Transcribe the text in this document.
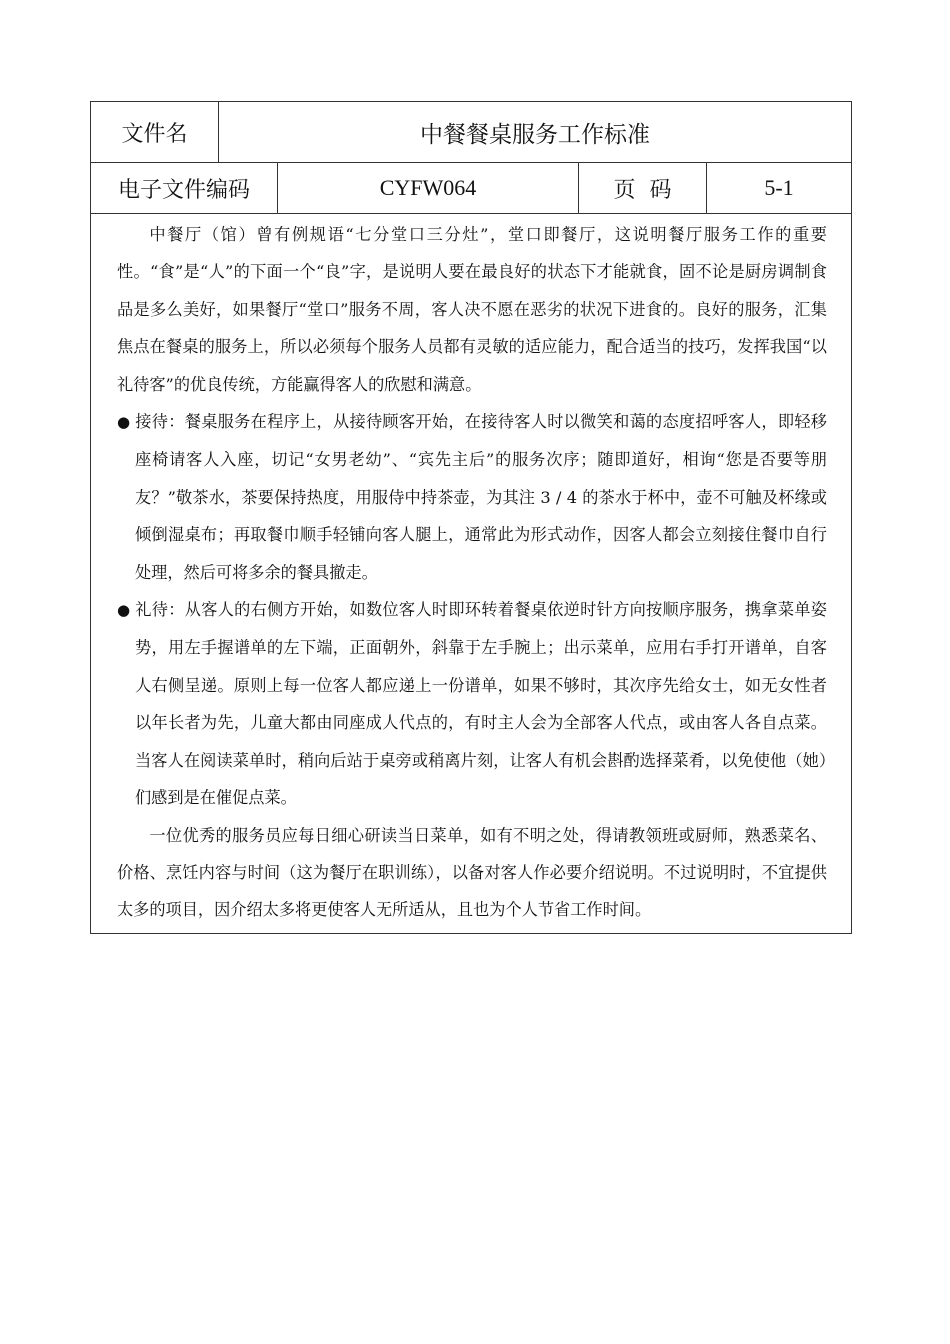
文件名	中餐餐桌服务工作标准
电子文件编码	CYFW064	页码	5-1

中餐厅（馆）曾有例规语“七分堂口三分灶”，堂口即餐厅，这说明餐厅服务工作的重要性。“食”是“人”的下面一个“良”字，是说明人要在最良好的状态下才能就食，固不论是厨房调制食品是多么美好，如果餐厅“堂口”服务不周，客人决不愿在恶劣的状况下进食的。良好的服务，汇集焦点在餐桌的服务上，所以必须每个服务人员都有灵敏的适应能力，配合适当的技巧，发挥我国“以礼待客”的优良传统，方能赢得客人的欣慰和满意。

● 接待：餐桌服务在程序上，从接待顾客开始，在接待客人时以微笑和蔼的态度招呼客人，即轻移座椅请客人入座，切记“女男老幼”、“宾先主后”的服务次序；随即道好，相询“您是否要等朋友？”敬茶水，茶要保持热度，用服侍中持茶壶，为其注 3 / 4 的茶水于杯中，壶不可触及杯缘或倾倒湿桌布；再取餐巾顺手轻铺向客人腿上，通常此为形式动作，因客人都会立刻接住餐巾自行处理，然后可将多余的餐具撤走。

● 礼待：从客人的右侧方开始，如数位客人时即环转着餐桌依逆时针方向按顺序服务，携拿菜单姿势，用左手握谱单的左下端，正面朝外，斜靠于左手腕上；出示菜单，应用右手打开谱单，自客人右侧呈递。原则上每一位客人都应递上一份谱单，如果不够时，其次序先给女士，如无女性者以年长者为先，儿童大都由同座成人代点的，有时主人会为全部客人代点，或由客人各自点菜。当客人在阅读菜单时，稍向后站于桌旁或稍离片刻，让客人有机会斟酌选择菜肴，以免使他（她）们感到是在催促点菜。

一位优秀的服务员应每日细心研读当日菜单，如有不明之处，得请教领班或厨师，熟悉菜名、价格、烹饪内容与时间（这为餐厅在职训练），以备对客人作必要介绍说明。不过说明时，不宜提供太多的项目，因介绍太多将更使客人无所适从，且也为个人节省工作时间。
